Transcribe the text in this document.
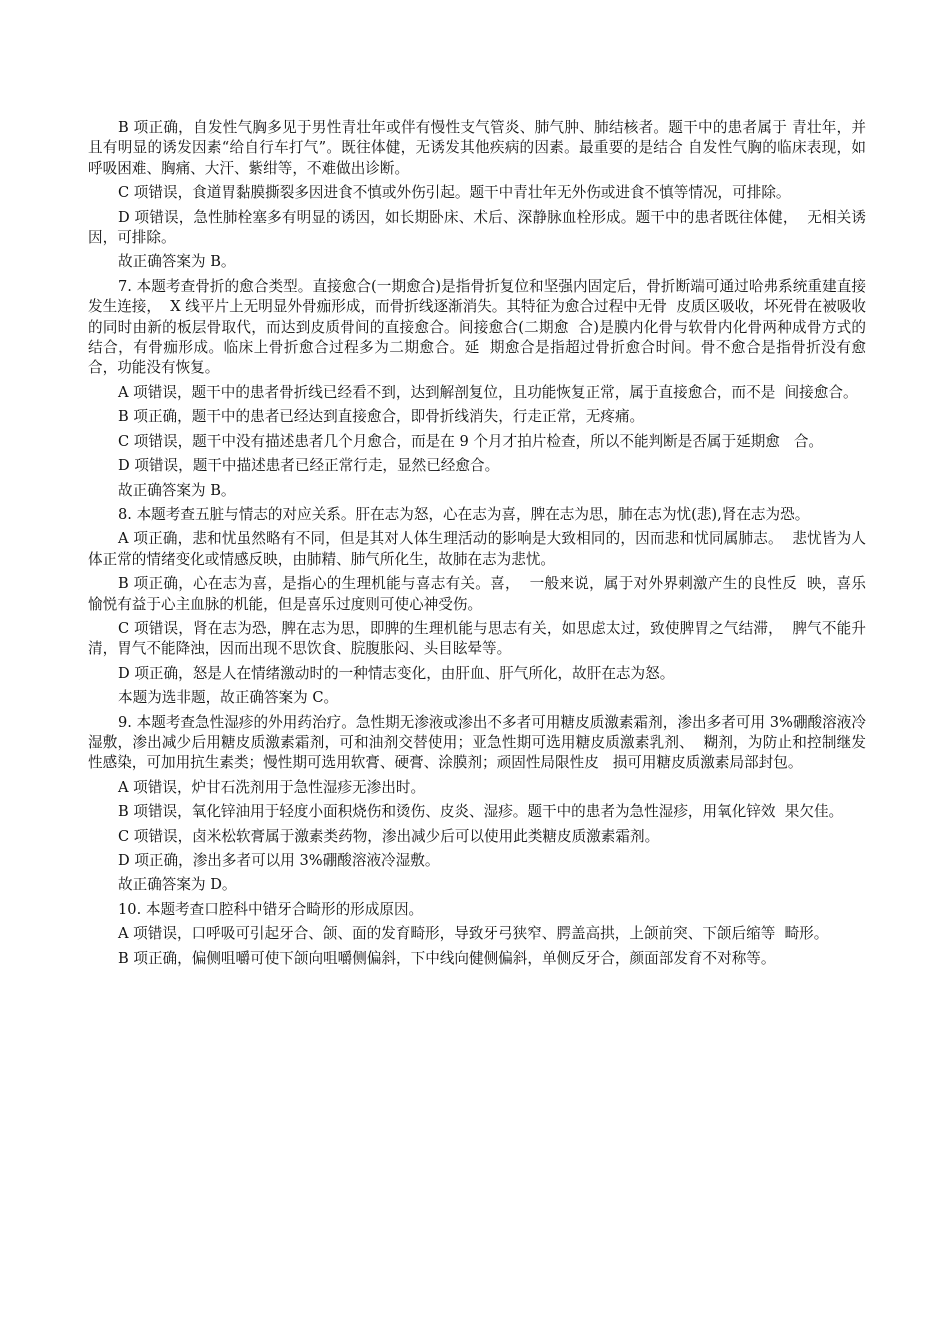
B 项正确，自发性气胸多见于男性青壮年或伴有慢性支气管炎、肺气肿、肺结核者。题干中的患者属于 青壮年，并且有明显的诱发因素“给自行车打气”。既往体健，无诱发其他疾病的因素。最重要的是结合 自发性气胸的临床表现，如呼吸困难、胸痛、大汗、紫绀等，不难做出诊断。

C 项错误，食道胃黏膜撕裂多因进食不慎或外伤引起。题干中青壮年无外伤或进食不慎等情况，可排除。

D 项错误，急性肺栓塞多有明显的诱因，如长期卧床、术后、深静脉血栓形成。题干中的患者既往体健，  无相关诱因，可排除。

故正确答案为 B。

7. 本题考查骨折的愈合类型。直接愈合(一期愈合)是指骨折复位和坚强内固定后，骨折断端可通过哈弗系统重建直接发生连接，  X 线平片上无明显外骨痂形成，而骨折线逐渐消失。其特征为愈合过程中无骨  皮质区吸收，坏死骨在被吸收的同时由新的板层骨取代，而达到皮质骨间的直接愈合。间接愈合(二期愈  合)是膜内化骨与软骨内化骨两种成骨方式的结合，有骨痂形成。临床上骨折愈合过程多为二期愈合。延  期愈合是指超过骨折愈合时间。骨不愈合是指骨折没有愈合，功能没有恢复。

A 项错误，题干中的患者骨折线已经看不到，达到解剖复位，且功能恢复正常，属于直接愈合，而不是  间接愈合。

B 项正确，题干中的患者已经达到直接愈合，即骨折线消失，行走正常，无疼痛。

C 项错误，题干中没有描述患者几个月愈合，而是在 9 个月才拍片检查，所以不能判断是否属于延期愈   合。

D 项错误，题干中描述患者已经正常行走，显然已经愈合。

故正确答案为 B。

8. 本题考查五脏与情志的对应关系。肝在志为怒，心在志为喜，脾在志为思，肺在志为忧(悲),肾在志为恐。

A 项正确，悲和忧虽然略有不同，但是其对人体生理活动的影响是大致相同的，因而悲和忧同属肺志。  悲忧皆为人体正常的情绪变化或情感反映，由肺精、肺气所化生，故肺在志为悲忧。

B 项正确，心在志为喜，是指心的生理机能与喜志有关。喜，  一般来说，属于对外界刺激产生的良性反  映，喜乐愉悦有益于心主血脉的机能，但是喜乐过度则可使心神受伤。

C 项错误，肾在志为恐，脾在志为思，即脾的生理机能与思志有关，如思虑太过，致使脾胃之气结滞，  脾气不能升清，胃气不能降浊，因而出现不思饮食、脘腹胀闷、头目眩晕等。

D 项正确，怒是人在情绪激动时的一种情志变化，由肝血、肝气所化，故肝在志为怒。

本题为选非题，故正确答案为 C。

9. 本题考查急性湿疹的外用药治疗。急性期无渗液或渗出不多者可用糖皮质激素霜剂，渗出多者可用 3%硼酸溶液冷湿敷，渗出减少后用糖皮质激素霜剂，可和油剂交替使用；亚急性期可选用糖皮质激素乳剂、  糊剂，为防止和控制继发性感染，可加用抗生素类；慢性期可选用软膏、硬膏、涂膜剂；顽固性局限性皮   损可用糖皮质激素局部封包。

A 项错误，炉甘石洗剂用于急性湿疹无渗出时。

B 项错误，氧化锌油用于轻度小面积烧伤和烫伤、皮炎、湿疹。题干中的患者为急性湿疹，用氧化锌效  果欠佳。

C 项错误，卤米松软膏属于激素类药物，渗出减少后可以使用此类糖皮质激素霜剂。

D 项正确，渗出多者可以用 3%硼酸溶液冷湿敷。

故正确答案为 D。

10. 本题考查口腔科中错牙合畸形的形成原因。

A 项错误，口呼吸可引起牙合、颌、面的发育畸形，导致牙弓狭窄、腭盖高拱，上颌前突、下颌后缩等  畸形。

B 项正确，偏侧咀嚼可使下颌向咀嚼侧偏斜，下中线向健侧偏斜，单侧反牙合，颜面部发育不对称等。
